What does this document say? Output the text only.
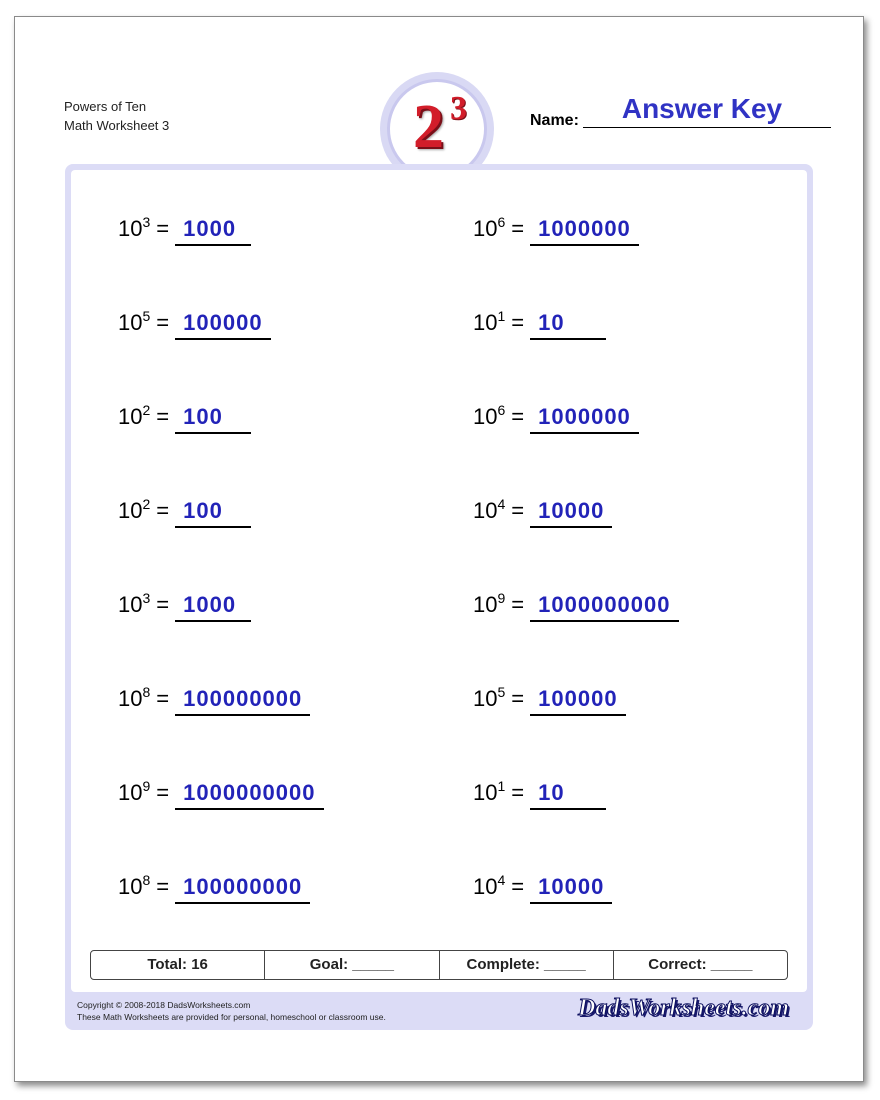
Powers of Ten
Math Worksheet 3	2 3	Name:	Answer Key
$10^3 = 1000$	$10^6 = 1000000$
$10^5 = 100000$	$10^1 = 10$
$10^2 = 100$	$10^6 = 1000000$
$10^2 = 100$	$10^4 = 10000$
$10^3 = 1000$	$10^9 = 1000000000$
$10^8 = 100000000$	$10^5 = 100000$
$10^9 = 1000000000$	$10^1 = 10$
$10^8 = 100000000$	$10^4 = 10000$
Total: 16	Goal: _____	Complete: _____	Correct: _____
Copyright © 2008-2018 DadsWorksheets.com
These Math Worksheets are provided for personal, homeschool or classroom use.	DadsWorksheets.com
